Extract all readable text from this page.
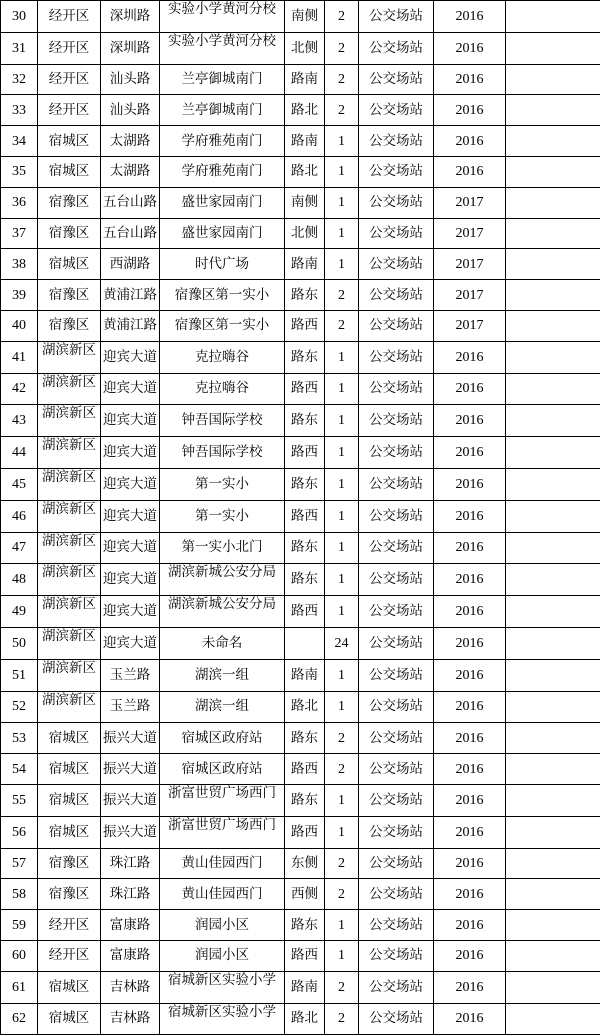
30	经开区	深圳路	实验小学黄河分校	南侧	2	公交场站	2016	
31	经开区	深圳路	实验小学黄河分校	北侧	2	公交场站	2016	
32	经开区	汕头路	兰亭御城南门	路南	2	公交场站	2016	
33	经开区	汕头路	兰亭御城南门	路北	2	公交场站	2016	
34	宿城区	太湖路	学府雅苑南门	路南	1	公交场站	2016	
35	宿城区	太湖路	学府雅苑南门	路北	1	公交场站	2016	
36	宿豫区	五台山路	盛世家园南门	南侧	1	公交场站	2017	
37	宿豫区	五台山路	盛世家园南门	北侧	1	公交场站	2017	
38	宿城区	西湖路	时代广场	路南	1	公交场站	2017	
39	宿豫区	黄浦江路	宿豫区第一实小	路东	2	公交场站	2017	
40	宿豫区	黄浦江路	宿豫区第一实小	路西	2	公交场站	2017	
41	湖滨新区	迎宾大道	克拉嗨谷	路东	1	公交场站	2016	
42	湖滨新区	迎宾大道	克拉嗨谷	路西	1	公交场站	2016	
43	湖滨新区	迎宾大道	钟吾国际学校	路东	1	公交场站	2016	
44	湖滨新区	迎宾大道	钟吾国际学校	路西	1	公交场站	2016	
45	湖滨新区	迎宾大道	第一实小	路东	1	公交场站	2016	
46	湖滨新区	迎宾大道	第一实小	路西	1	公交场站	2016	
47	湖滨新区	迎宾大道	第一实小北门	路东	1	公交场站	2016	
48	湖滨新区	迎宾大道	湖滨新城公安分局	路东	1	公交场站	2016	
49	湖滨新区	迎宾大道	湖滨新城公安分局	路西	1	公交场站	2016	
50	湖滨新区	迎宾大道	未命名		24	公交场站	2016	
51	湖滨新区	玉兰路	湖滨一组	路南	1	公交场站	2016	
52	湖滨新区	玉兰路	湖滨一组	路北	1	公交场站	2016	
53	宿城区	振兴大道	宿城区政府站	路东	2	公交场站	2016	
54	宿城区	振兴大道	宿城区政府站	路西	2	公交场站	2016	
55	宿城区	振兴大道	浙富世贸广场西门	路东	1	公交场站	2016	
56	宿城区	振兴大道	浙富世贸广场西门	路西	1	公交场站	2016	
57	宿豫区	珠江路	黄山佳园西门	东侧	2	公交场站	2016	
58	宿豫区	珠江路	黄山佳园西门	西侧	2	公交场站	2016	
59	经开区	富康路	润园小区	路东	1	公交场站	2016	
60	经开区	富康路	润园小区	路西	1	公交场站	2016	
61	宿城区	吉林路	宿城新区实验小学	路南	2	公交场站	2016	
62	宿城区	吉林路	宿城新区实验小学	路北	2	公交场站	2016	
